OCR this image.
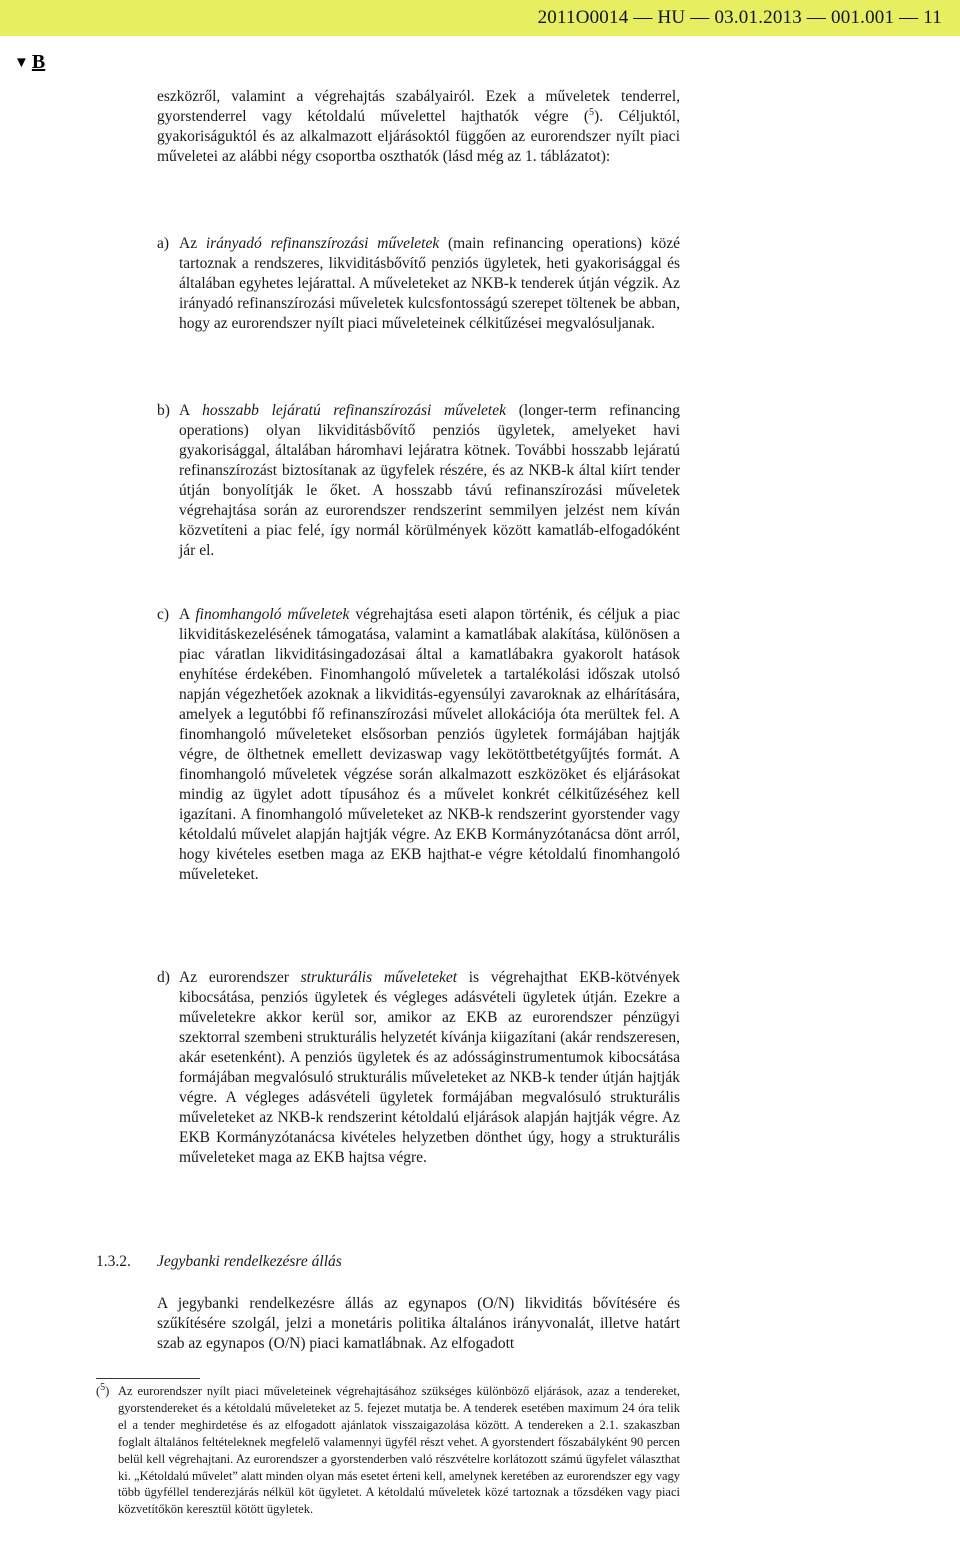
2011O0014 — HU — 03.01.2013 — 001.001 — 11
▼ B
eszközről, valamint a végrehajtás szabályairól. Ezek a műveletek tenderrel, gyorstenderrel vagy kétoldalú művelettel hajthatók végre ($^5$). Céljuktól, gyakoriságuktól és az alkalmazott eljárásoktól függően az eurorendszer nyílt piaci műveletei az alábbi négy csoportba oszthatók (lásd még az 1. táblázatot):
a) Az irányadó refinanszírozási műveletek (main refinancing operations) közé tartoznak a rendszeres, likviditásbővítő penziós ügyletek, heti gyakorisággal és általában egyhetes lejárattal. A műveleteket az NKB-k tenderek útján végzik. Az irányadó refinanszírozási műveletek kulcsfontosságú szerepet töltenek be abban, hogy az eurorendszer nyílt piaci műveleteinek célkitűzései megvalósuljanak.
b) A hosszabb lejáratú refinanszírozási műveletek (longer-term refinancing operations) olyan likviditásbővítő penziós ügyletek, amelyeket havi gyakorisággal, általában háromhavi lejáratra kötnek. További hosszabb lejáratú refinanszírozást biztosítanak az ügyfelek részére, és az NKB-k által kiírt tender útján bonyolítják le őket. A hosszabb távú refinanszírozási műveletek végrehajtása során az eurorendszer rendszerint semmilyen jelzést nem kíván közvetíteni a piac felé, így normál körülmények között kamatláb-elfogadóként jár el.
c) A finomhangoló műveletek végrehajtása eseti alapon történik, és céljuk a piac likviditáskezelésének támogatása, valamint a kamatlábak alakítása, különösen a piac váratlan likviditásingadozásai által a kamatlábakra gyakorolt hatások enyhítése érdekében. Finomhangoló műveletek a tartalékolási időszak utolsó napján végezhetőek azoknak a likviditás-egyensúlyi zavaroknak az elhárítására, amelyek a legutóbbi fő refinanszírozási művelet allokációja óta merültek fel. A finomhangoló műveleteket elsősorban penziós ügyletek formájában hajtják végre, de ölthetnek emellett devizaswap vagy lekötöttbetétgyűjtés formát. A finomhangoló műveletek végzése során alkalmazott eszközöket és eljárásokat mindig az ügylet adott típusához és a művelet konkrét célkitűzéséhez kell igazítani. A finomhangoló műveleteket az NKB-k rendszerint gyorstender vagy kétoldalú művelet alapján hajtják végre. Az EKB Kormányzótanácsa dönt arról, hogy kivételes esetben maga az EKB hajthat-e végre kétoldalú finomhangoló műveleteket.
d) Az eurorendszer strukturális műveleteket is végrehajthat EKB-kötvények kibocsátása, penziós ügyletek és végleges adásvételi ügyletek útján. Ezekre a műveletekre akkor kerül sor, amikor az EKB az eurorendszer pénzügyi szektorral szembeni strukturális helyzetét kívánja kiigazítani (akár rendszeresen, akár esetenként). A penziós ügyletek és az adósságinstrumentumok kibocsátása formájában megvalósuló strukturális műveleteket az NKB-k tender útján hajtják végre. A végleges adásvételi ügyletek formájában megvalósuló strukturális műveleteket az NKB-k rendszerint kétoldalú eljárások alapján hajtják végre. Az EKB Kormányzótanácsa kivételes helyzetben dönthet úgy, hogy a strukturális műveleteket maga az EKB hajtsa végre.
1.3.2. Jegybanki rendelkezésre állás
A jegybanki rendelkezésre állás az egynapos (O/N) likviditás bővítésére és szűkítésére szolgál, jelzi a monetáris politika általános irányvonalát, illetve határt szab az egynapos (O/N) piaci kamatlábnak. Az elfogadott
($^5$) Az eurorendszer nyílt piaci műveleteinek végrehajtásához szükséges különböző eljárások, azaz a tendereket, gyorstendereket és a kétoldalú műveleteket az 5. fejezet mutatja be. A tenderek esetében maximum 24 óra telik el a tender meghirdetése és az elfogadott ajánlatok visszaigazolása között. A tendereken a 2.1. szakaszban foglalt általános feltételeknek megfelelő valamennyi ügyfél részt vehet. A gyorstendert főszabályként 90 percen belül kell végrehajtani. Az eurorendszer a gyorstenderben való részvételre korlátozott számú ügyfelet választhat ki. „Kétoldalú művelet” alatt minden olyan más esetet érteni kell, amelynek keretében az eurorendszer egy vagy több ügyféllel tenderezjárás nélkül köt ügyletet. A kétoldalú műveletek közé tartoznak a tőzsdéken vagy piaci közvetítőkön keresztül kötött ügyletek.
